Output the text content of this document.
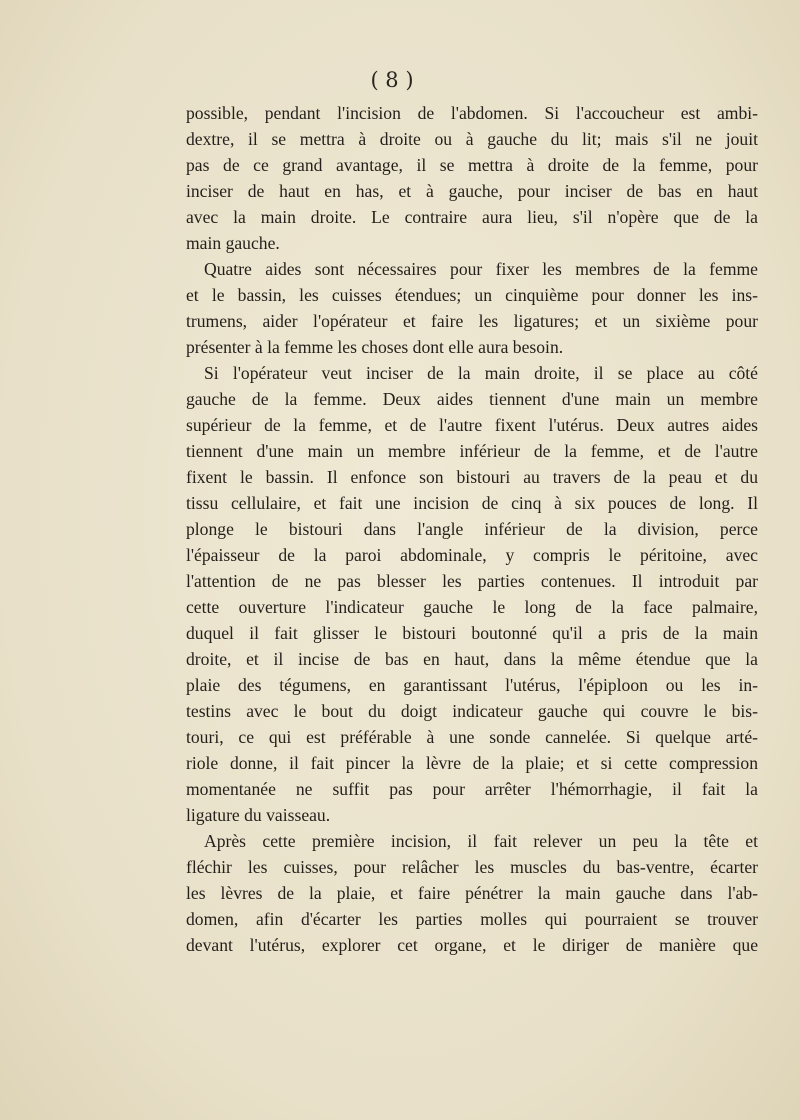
( 8 )

possible, pendant l'incision de l'abdomen. Si l'accoucheur est ambi-
dextre, il se mettra à droite ou à gauche du lit; mais s'il ne jouit
pas de ce grand avantage, il se mettra à droite de la femme, pour
inciser de haut en has, et à gauche, pour inciser de bas en haut
avec la main droite. Le contraire aura lieu, s'il n'opère que de la
main gauche.

Quatre aides sont nécessaires pour fixer les membres de la femme
et le bassin, les cuisses étendues; un cinquième pour donner les ins-
trumens, aider l'opérateur et faire les ligatures; et un sixième pour
présenter à la femme les choses dont elle aura besoin.

Si l'opérateur veut inciser de la main droite, il se place au côté
gauche de la femme. Deux aides tiennent d'une main un membre
supérieur de la femme, et de l'autre fixent l'utérus. Deux autres aides
tiennent d'une main un membre inférieur de la femme, et de l'autre
fixent le bassin. Il enfonce son bistouri au travers de la peau et du
tissu cellulaire, et fait une incision de cinq à six pouces de long. Il
plonge le bistouri dans l'angle inférieur de la division, perce
l'épaisseur de la paroi abdominale, y compris le péritoine, avec
l'attention de ne pas blesser les parties contenues. Il introduit par
cette ouverture l'indicateur gauche le long de la face palmaire,
duquel il fait glisser le bistouri boutonné qu'il a pris de la main
droite, et il incise de bas en haut, dans la même étendue que la
plaie des tégumens, en garantissant l'utérus, l'épiploon ou les in-
testins avec le bout du doigt indicateur gauche qui couvre le bis-
touri, ce qui est préférable à une sonde cannelée. Si quelque arté-
riole donne, il fait pincer la lèvre de la plaie; et si cette compression
momentanée ne suffit pas pour arrêter l'hémorrhagie, il fait la
ligature du vaisseau.

Après cette première incision, il fait relever un peu la tête et
fléchir les cuisses, pour relâcher les muscles du bas-ventre, écarter
les lèvres de la plaie, et faire pénétrer la main gauche dans l'ab-
domen, afin d'écarter les parties molles qui pourraient se trouver
devant l'utérus, explorer cet organe, et le diriger de manière que
